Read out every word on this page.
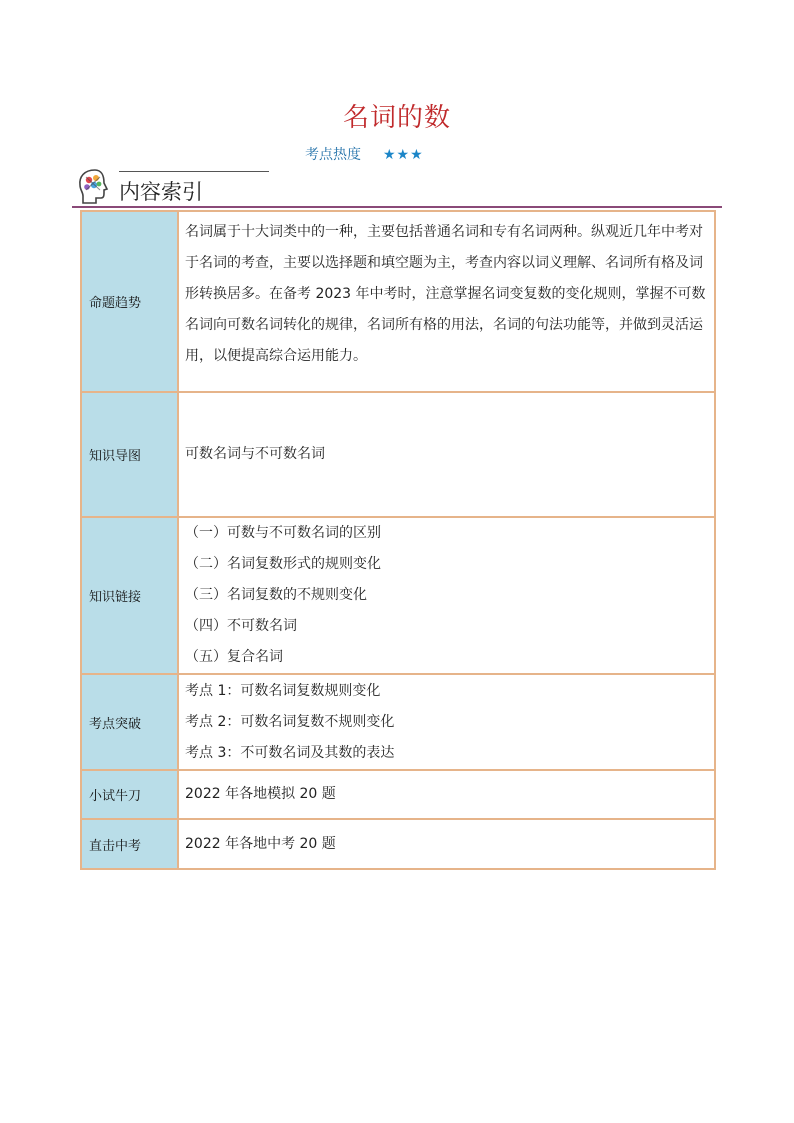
名词的数
考点热度 ★★★
内容索引
命题趋势	名词属于十大词类中的一种，主要包括普通名词和专有名词两种。纵观近几年中考对于名词的考查，主要以选择题和填空题为主，考查内容以词义理解、名词所有格及词形转换居多。在备考 2023 年中考时，注意掌握名词变复数的变化规则，掌握不可数名词向可数名词转化的规律，名词所有格的用法，名词的句法功能等，并做到灵活运用，以便提高综合运用能力。

知识导图	可数名词与不可数名词
知识链接	（一）可数与不可数名词的区别
（二）名词复数形式的规则变化
（三）名词复数的不规则变化
（四）不可数名词
（五）复合名词

考点突破	考点 1：可数名词复数规则变化
考点 2：可数名词复数不规则变化
考点 3：不可数名词及其数的表达

小试牛刀	2022 年各地模拟 20 题
直击中考	2022 年各地中考 20 题
